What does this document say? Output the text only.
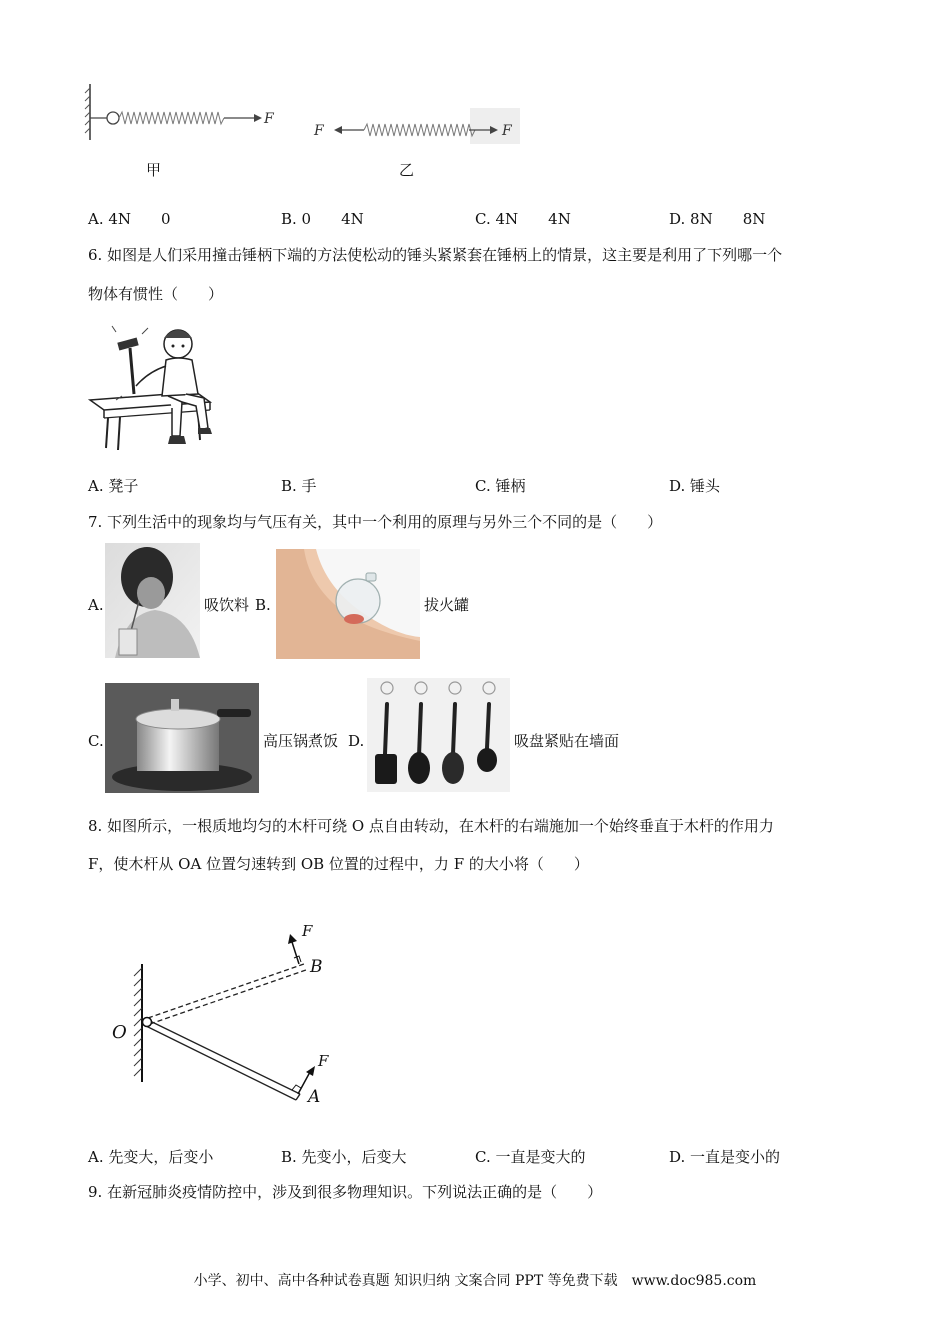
F
F	F
甲	乙
A. 4N　　0	B. 0　　4N	C. 4N　　4N	D. 8N　　8N
6. 如图是人们采用撞击锤柄下端的方法使松动的锤头紧紧套在锤柄上的情景，这主要是利用了下列哪一个
物体有惯性（　　）
A. 凳子	B. 手	C. 锤柄	D. 锤头
7. 下列生活中的现象均与气压有关，其中一个利用的原理与另外三个不同的是（　　）
A.	吸饮料 B.	拔火罐
C.	高压锅煮饭 D.	吸盘紧贴在墙面
8. 如图所示，一根质地均匀的木杆可绕 O 点自由转动，在木杆的右端施加一个始终垂直于木杆的作用力
F，使木杆从 OA 位置匀速转到 OB 位置的过程中，力 F 的大小将（　　）
O
B
A
F
F
A. 先变大，后变小	B. 先变小，后变大	C. 一直是变大的	D. 一直是变小的
9. 在新冠肺炎疫情防控中，涉及到很多物理知识。下列说法正确的是（　　）
小学、初中、高中各种试卷真题 知识归纳 文案合同 PPT 等免费下载　www.doc985.com
